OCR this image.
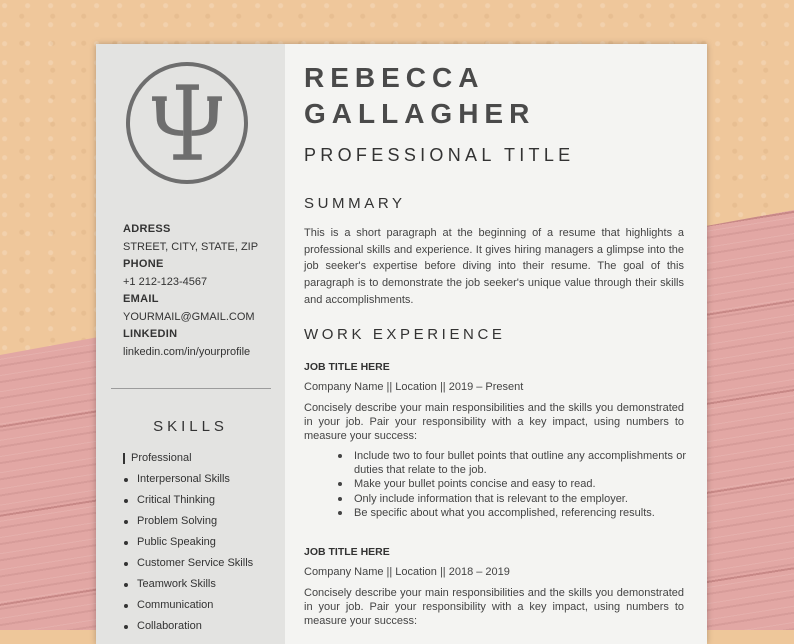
ADRESS
STREET, CITY, STATE, ZIP
PHONE
+1 212-123-4567
EMAIL
YOURMAIL@GMAIL.COM
LINKEDIN
linkedin.com/in/yourprofile
SKILLS
Professional
Interpersonal Skills
Critical Thinking
Problem Solving
Public Speaking
Customer Service Skills
Teamwork Skills
Communication
Collaboration
REBECCA
GALLAGHER
PROFESSIONAL TITLE
SUMMARY

This is a short paragraph at the beginning of a resume that highlights a professional skills and experience. It gives hiring managers a glimpse into the job seeker's expertise before diving into their resume. The goal of this paragraph is to demonstrate the job seeker's unique value through their skills and accomplishments.

WORK EXPERIENCE
JOB TITLE HERE
Company Name || Location || 2019 – Present

Concisely describe your main responsibilities and the skills you demonstrated in your job. Pair your responsibility with a key impact, using numbers to measure your success:

Include two to four bullet points that outline any accomplishments or duties that relate to the job.
Make your bullet points concise and easy to read.
Only include information that is relevant to the employer.
Be specific about what you accomplished, referencing results.
JOB TITLE HERE
Company Name || Location || 2018 – 2019

Concisely describe your main responsibilities and the skills you demonstrated in your job. Pair your responsibility with a key impact, using numbers to measure your success:
